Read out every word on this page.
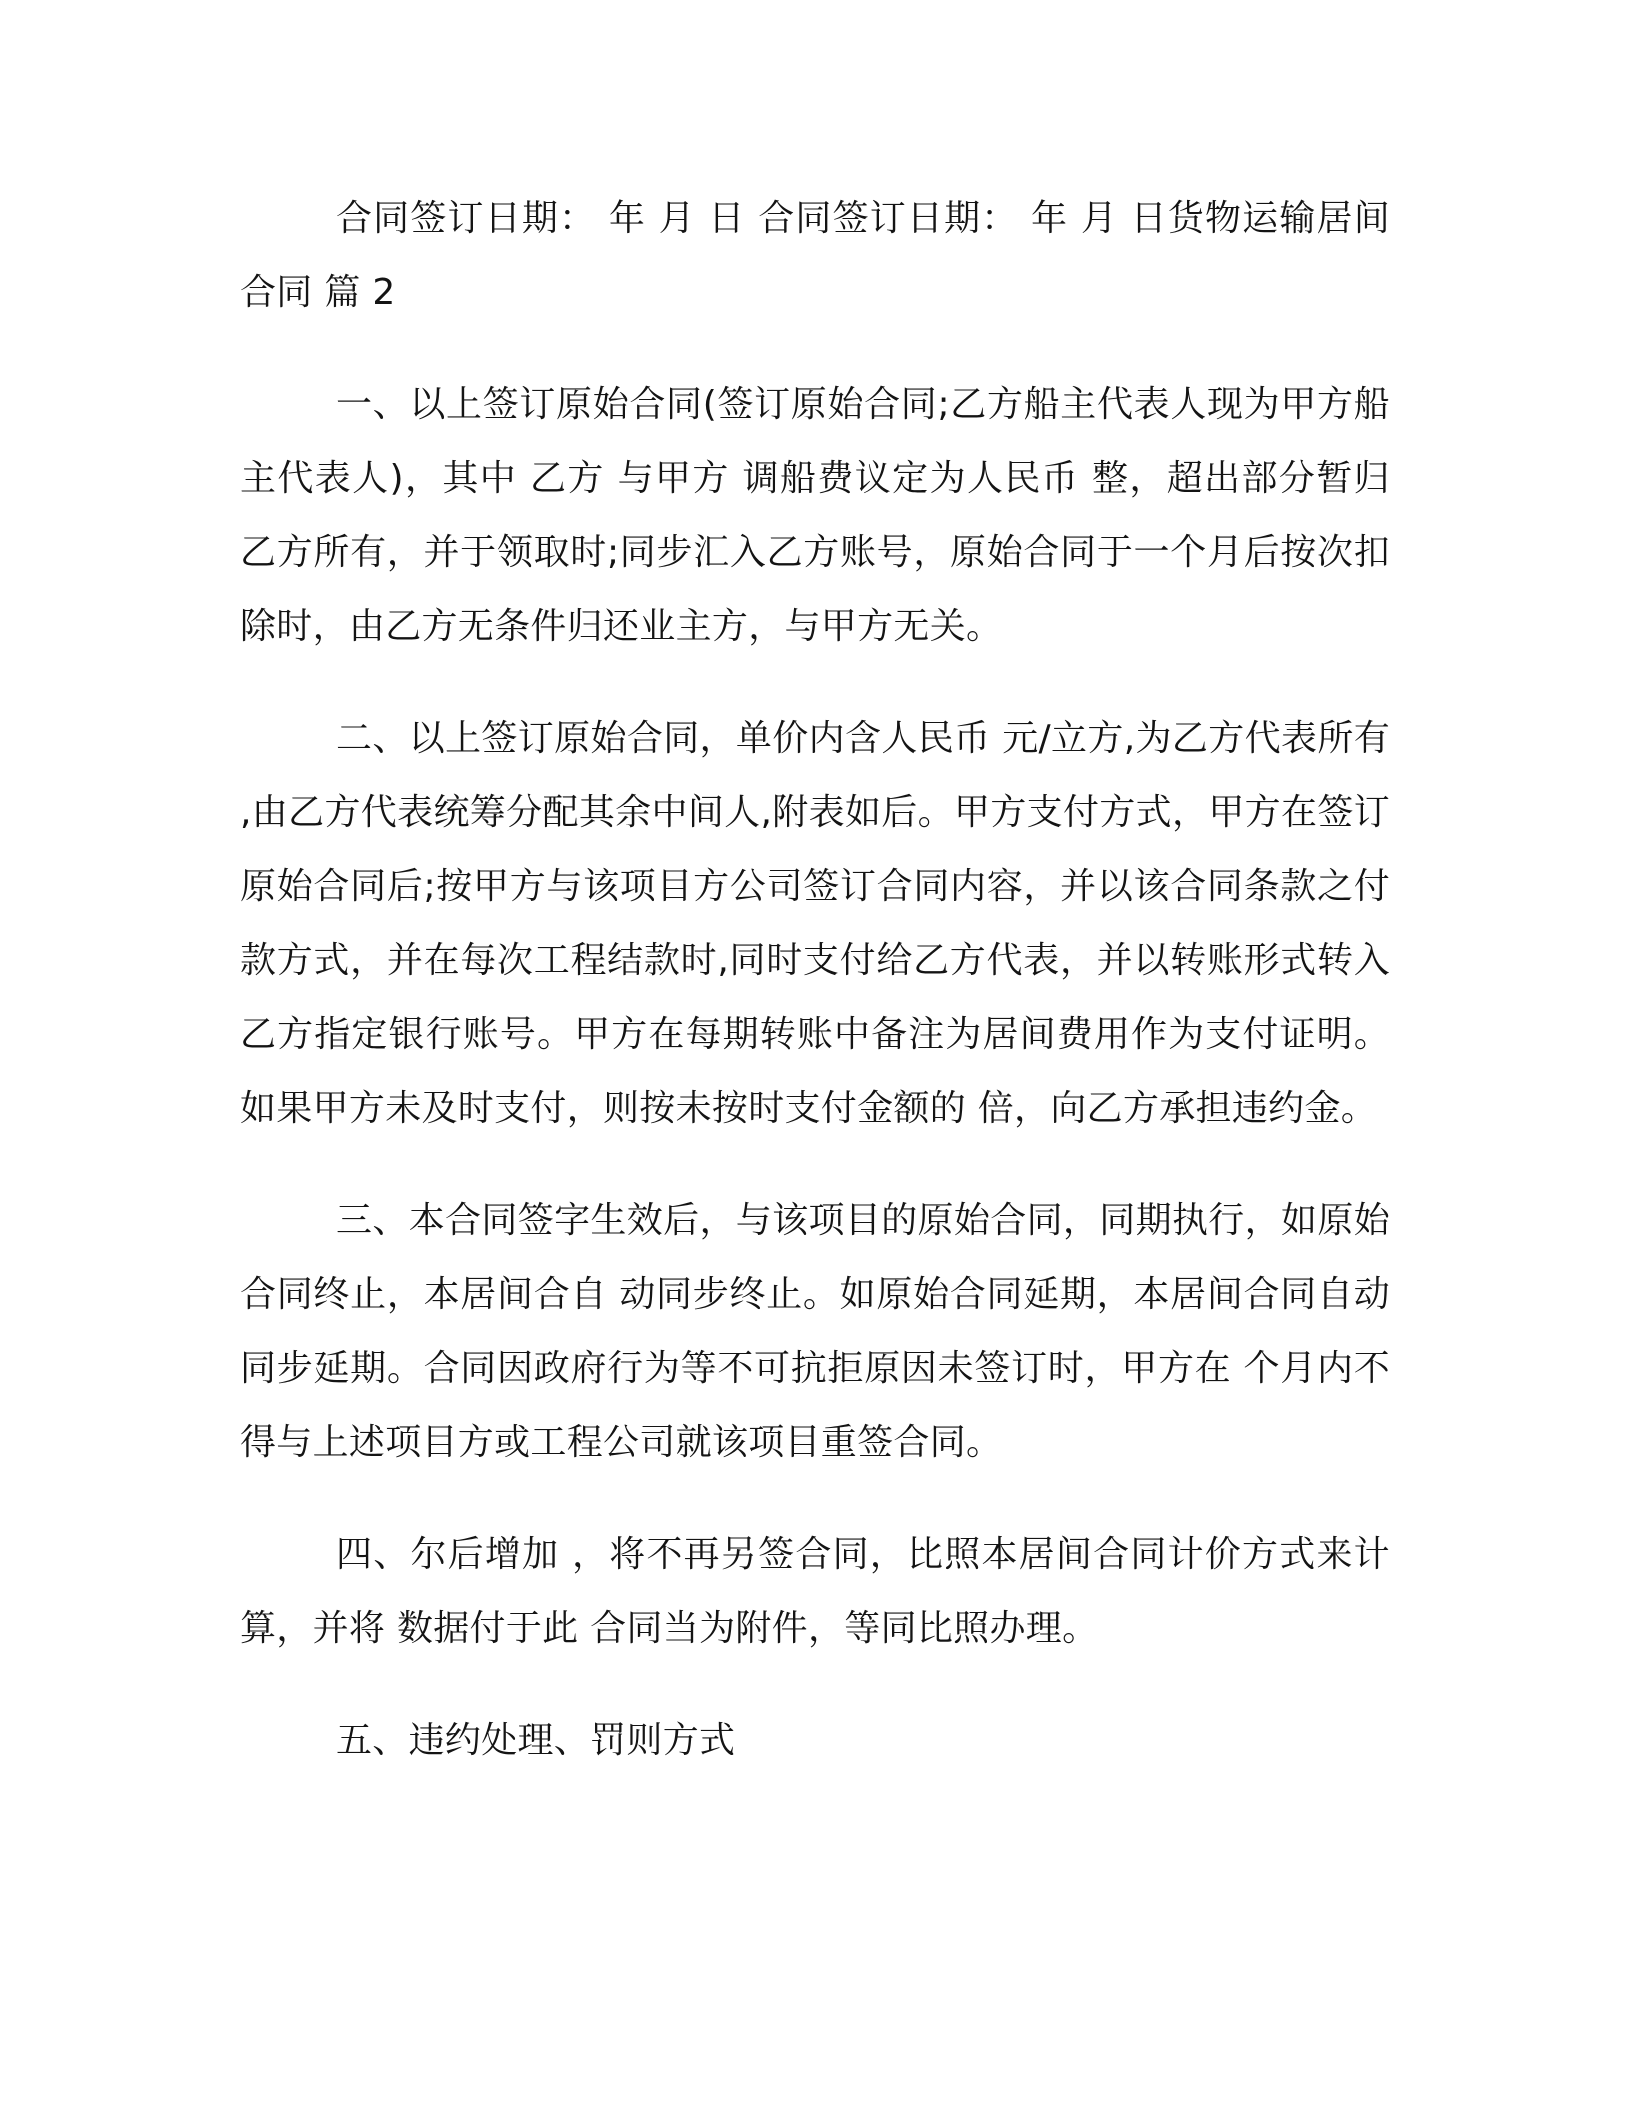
合同签订日期： 年 月 日 合同签订日期： 年 月 日货物运输居间合同 篇 2

一、以上签订原始合同(签订原始合同;乙方船主代表人现为甲方船主代表人)，其中 乙方 与甲方 调船费议定为人民币 整，超出部分暂归乙方所有，并于领取时;同步汇入乙方账号，原始合同于一个月后按次扣除时，由乙方无条件归还业主方，与甲方无关。

二、以上签订原始合同，单价内含人民币 元/立方,为乙方代表所有,由乙方代表统筹分配其余中间人,附表如后。甲方支付方式，甲方在签订原始合同后;按甲方与该项目方公司签订合同内容，并以该合同条款之付款方式，并在每次工程结款时,同时支付给乙方代表，并以转账形式转入乙方指定银行账号。甲方在每期转账中备注为居间费用作为支付证明。如果甲方未及时支付，则按未按时支付金额的 倍，向乙方承担违约金。

三、本合同签字生效后，与该项目的原始合同，同期执行，如原始合同终止，本居间合自 动同步终止。如原始合同延期，本居间合同自动同步延期。合同因政府行为等不可抗拒原因未签订时，甲方在 个月内不得与上述项目方或工程公司就该项目重签合同。

四、尔后增加 ，将不再另签合同，比照本居间合同计价方式来计算，并将 数据付于此 合同当为附件，等同比照办理。

五、违约处理、罚则方式
